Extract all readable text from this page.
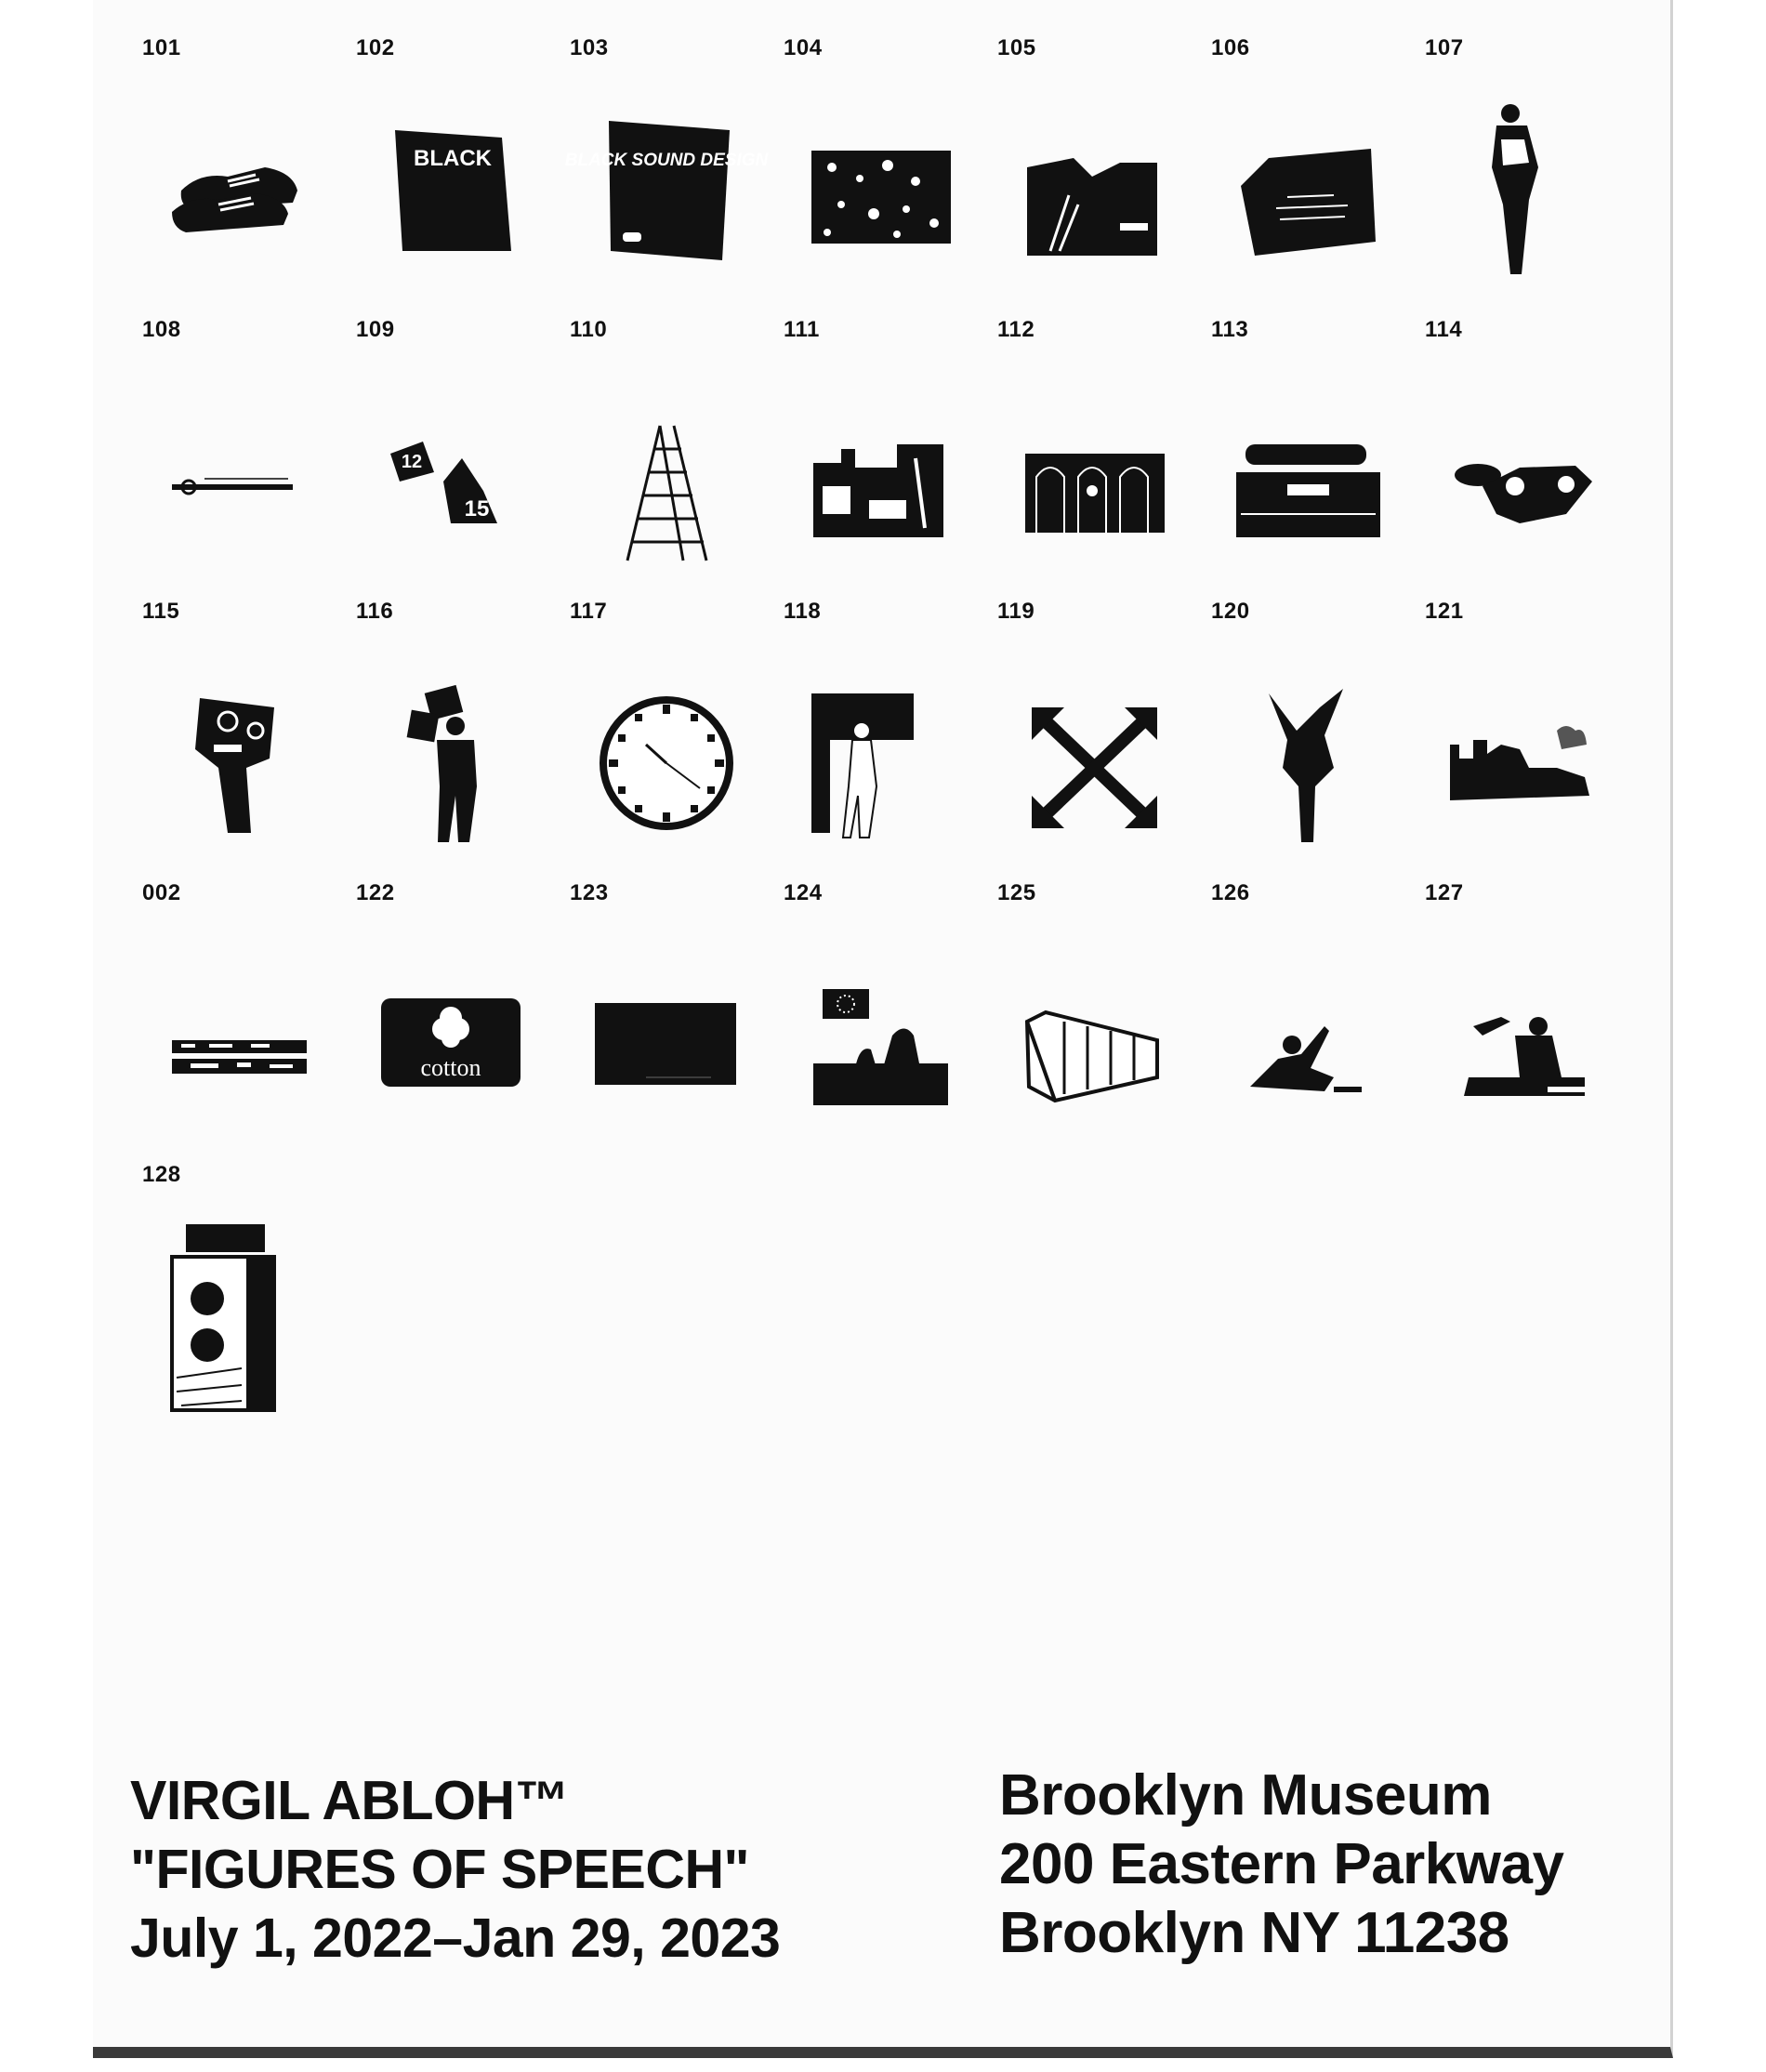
101	102
BLACK
103
BLACK SOUND DESIGN
104	105	106	107
108	109
12
15
110	111	112	113	114
115	116	117	118	119	120	121
002	122
cotton
123	124	125	126	127
128
VIRGIL ABLOH™
"FIGURES OF SPEECH"
July 1, 2022–Jan 29, 2023
Brooklyn Museum
200 Eastern Parkway
Brooklyn NY 11238
